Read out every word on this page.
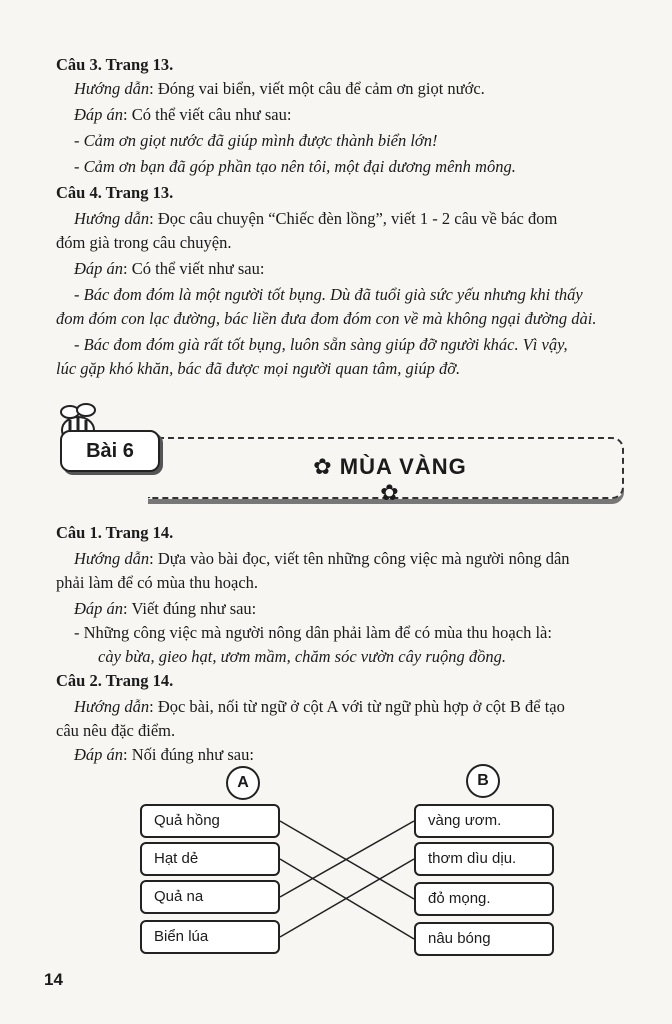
Câu 3. Trang 13.
Hướng dẫn: Đóng vai biển, viết một câu để cảm ơn giọt nước.
Đáp án: Có thể viết câu như sau:
- Cảm ơn giọt nước đã giúp mình được thành biển lớn!
- Cảm ơn bạn đã góp phần tạo nên tôi, một đại dương mênh mông.
Câu 4. Trang 13.
Hướng dẫn: Đọc câu chuyện “Chiếc đèn lồng”, viết 1 - 2 câu về bác đom
đóm già trong câu chuyện.
Đáp án: Có thể viết như sau:
- Bác đom đóm là một người tốt bụng. Dù đã tuổi già sức yếu nhưng khi thấy
đom đóm con lạc đường, bác liền đưa đom đóm con về mà không ngại đường dài.
- Bác đom đóm già rất tốt bụng, luôn sẵn sàng giúp đỡ người khác. Vì vậy,
lúc gặp khó khăn, bác đã được mọi người quan tâm, giúp đỡ.
Bài 6
✿ MÙA VÀNG ✿
Câu 1. Trang 14.
Hướng dẫn: Dựa vào bài đọc, viết tên những công việc mà người nông dân
phải làm để có mùa thu hoạch.
Đáp án: Viết đúng như sau:
- Những công việc mà người nông dân phải làm để có mùa thu hoạch là:
cày bừa, gieo hạt, ươm mầm, chăm sóc vườn cây ruộng đồng.
Câu 2. Trang 14.
Hướng dẫn: Đọc bài, nối từ ngữ ở cột A với từ ngữ phù hợp ở cột B để tạo
câu nêu đặc điểm.
Đáp án: Nối đúng như sau:
A	B
Quả hồng
Hạt dẻ
Quả na
Biển lúa
vàng ươm.
thơm dìu dịu.
đỏ mọng.
nâu bóng
14
